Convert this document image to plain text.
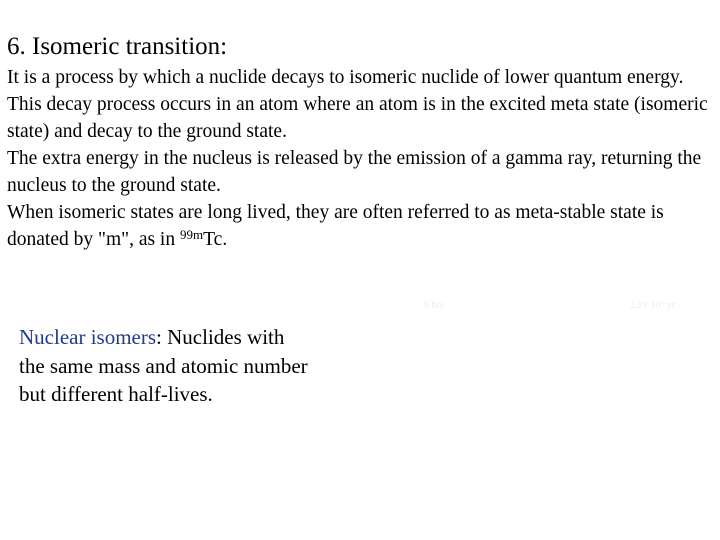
6. Isomeric transition:

It is a process by which a nuclide decays to isomeric nuclide of lower quantum energy. This decay process occurs in an atom where an atom is in the excited meta state (isomeric state) and decay to the ground state.

The extra energy in the nucleus is released by the emission of a gamma ray, returning the nucleus to the ground state.

When isomeric states are long lived, they are often referred to as meta-stable state is donated by "m", as in $^{99m}$Tc.

6 hrs	2.1× 10⁵ yr
Nuclear isomers: Nuclides with the same mass and atomic number but different half-lives.
